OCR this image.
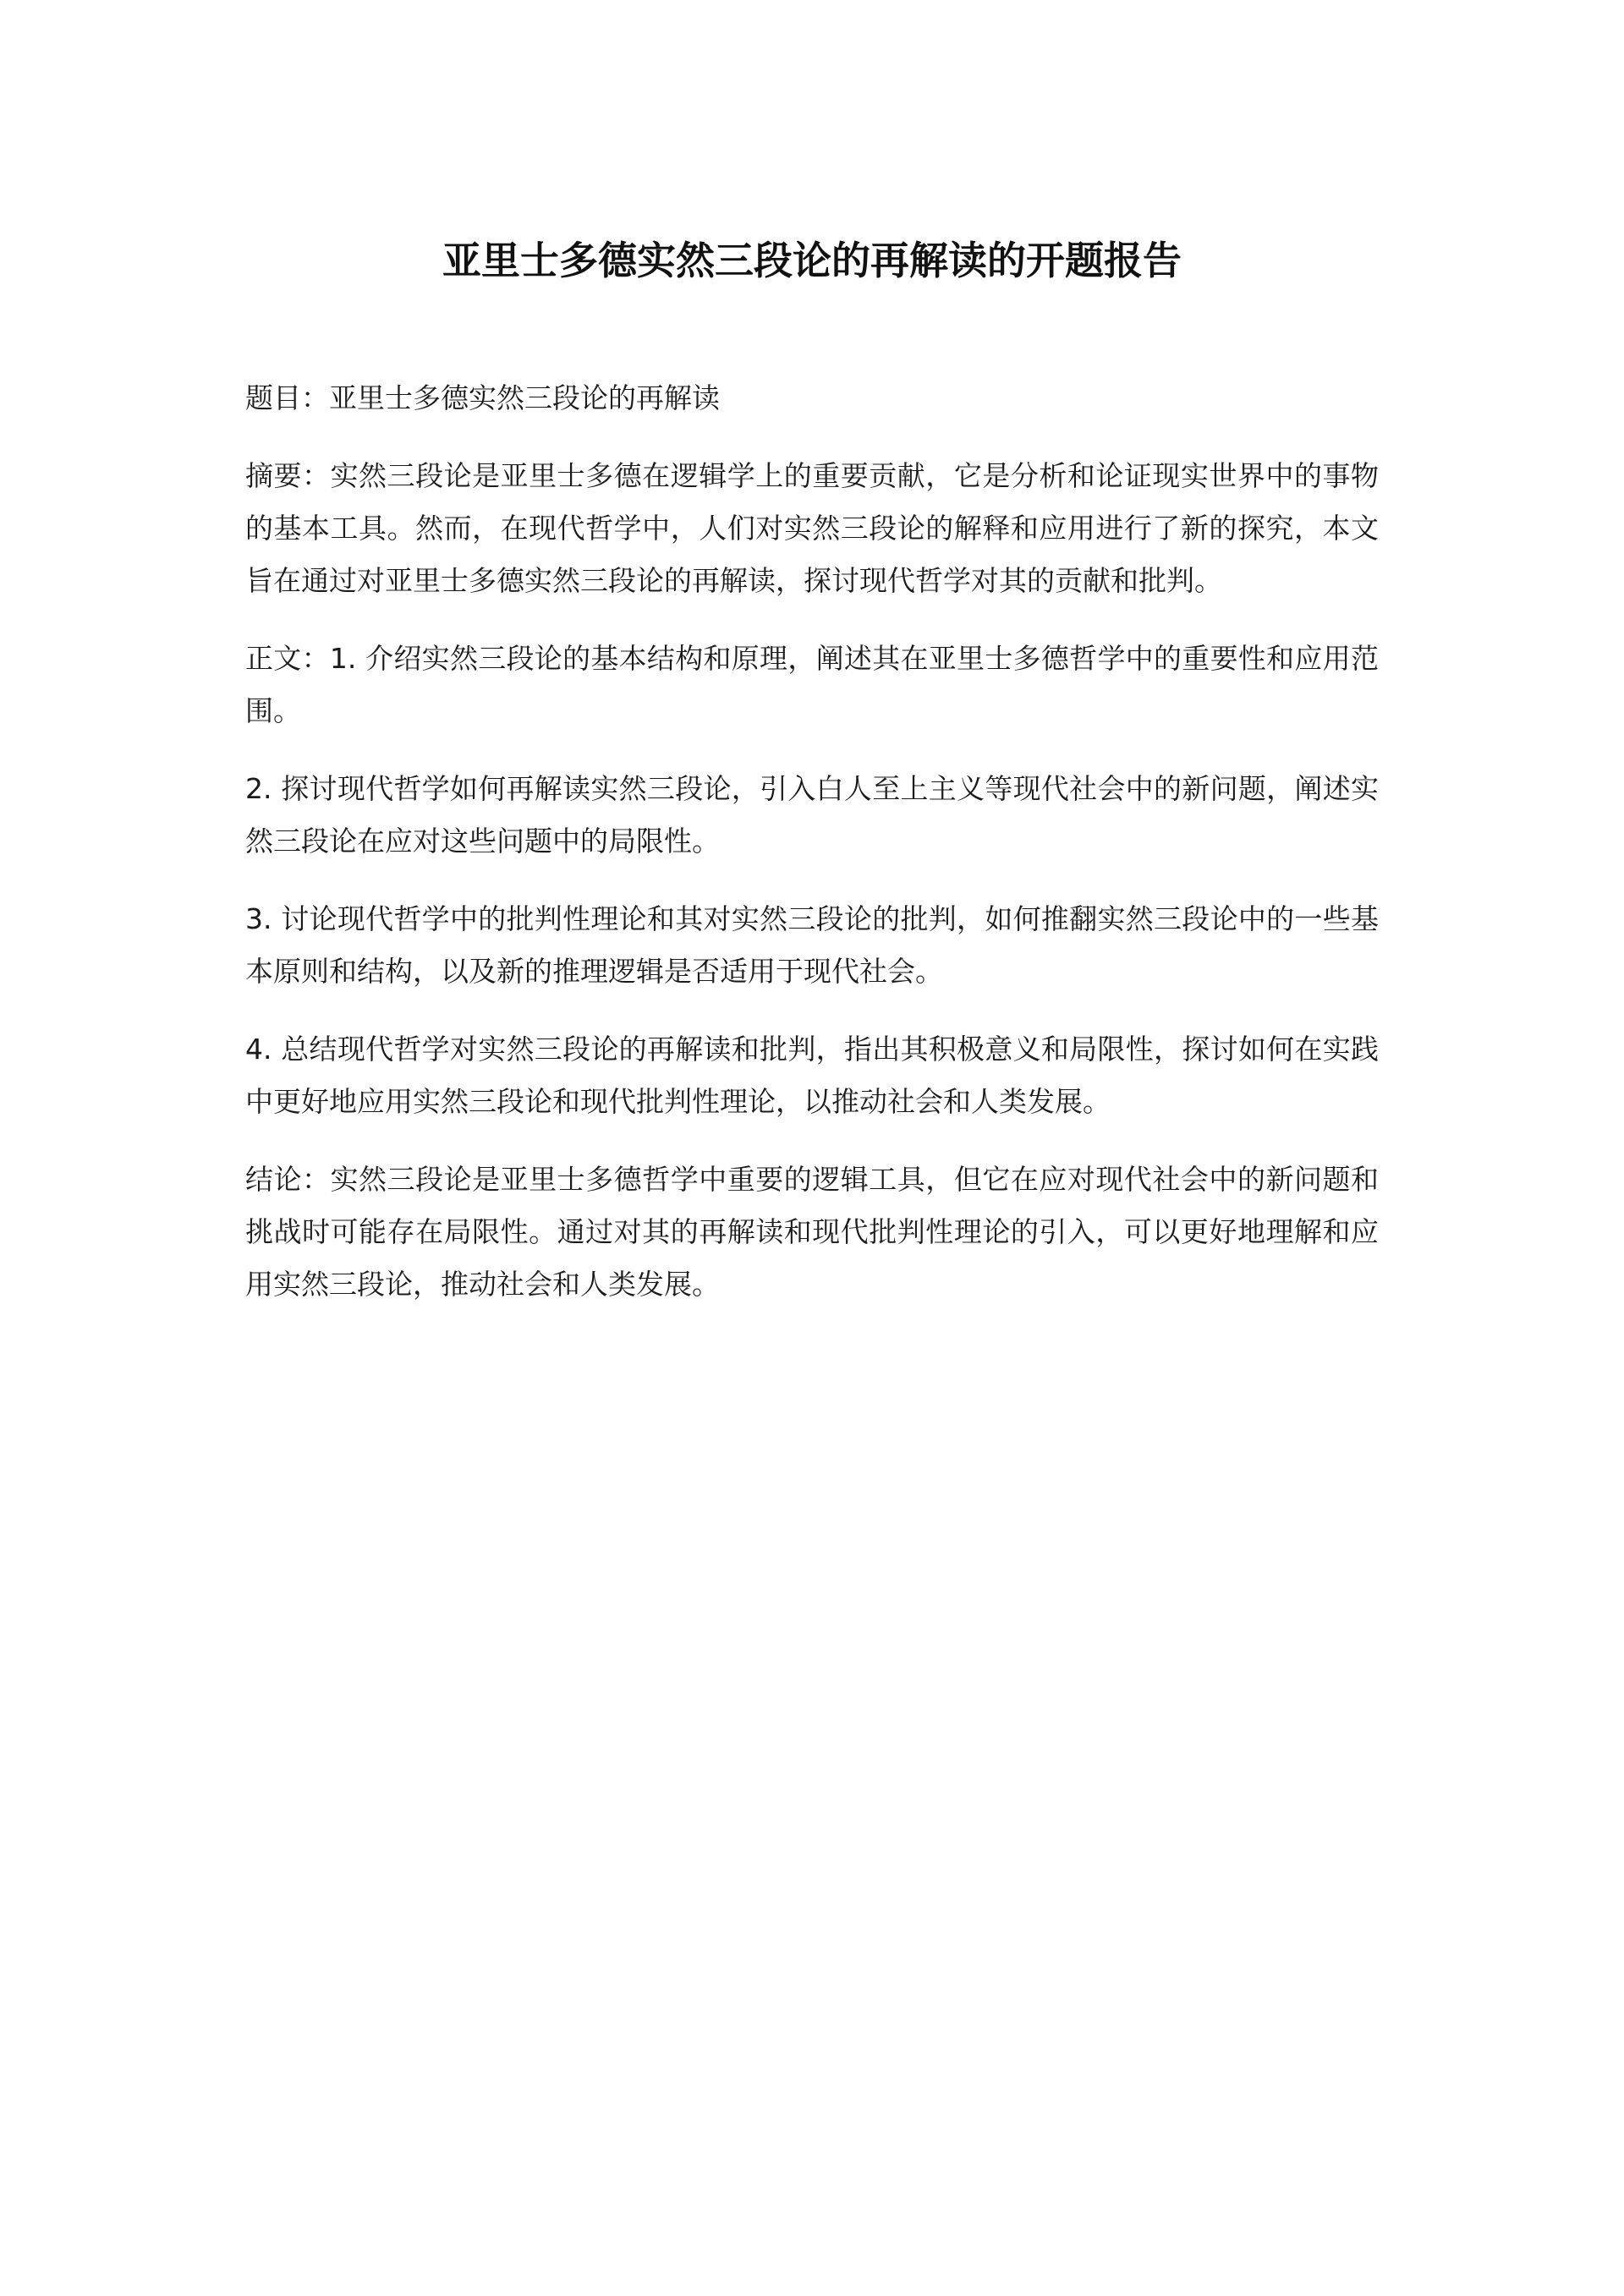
亚里士多德实然三段论的再解读的开题报告

题目：亚里士多德实然三段论的再解读

摘要：实然三段论是亚里士多德在逻辑学上的重要贡献，它是分析和论证现实世界中的事物的基本工具。然而，在现代哲学中，人们对实然三段论的解释和应用进行了新的探究，本文旨在通过对亚里士多德实然三段论的再解读，探讨现代哲学对其的贡献和批判。

正文：1. 介绍实然三段论的基本结构和原理，阐述其在亚里士多德哲学中的重要性和应用范围。

2. 探讨现代哲学如何再解读实然三段论，引入白人至上主义等现代社会中的新问题，阐述实然三段论在应对这些问题中的局限性。

3. 讨论现代哲学中的批判性理论和其对实然三段论的批判，如何推翻实然三段论中的一些基本原则和结构，以及新的推理逻辑是否适用于现代社会。

4. 总结现代哲学对实然三段论的再解读和批判，指出其积极意义和局限性，探讨如何在实践中更好地应用实然三段论和现代批判性理论，以推动社会和人类发展。

结论：实然三段论是亚里士多德哲学中重要的逻辑工具，但它在应对现代社会中的新问题和挑战时可能存在局限性。通过对其的再解读和现代批判性理论的引入，可以更好地理解和应用实然三段论，推动社会和人类发展。
